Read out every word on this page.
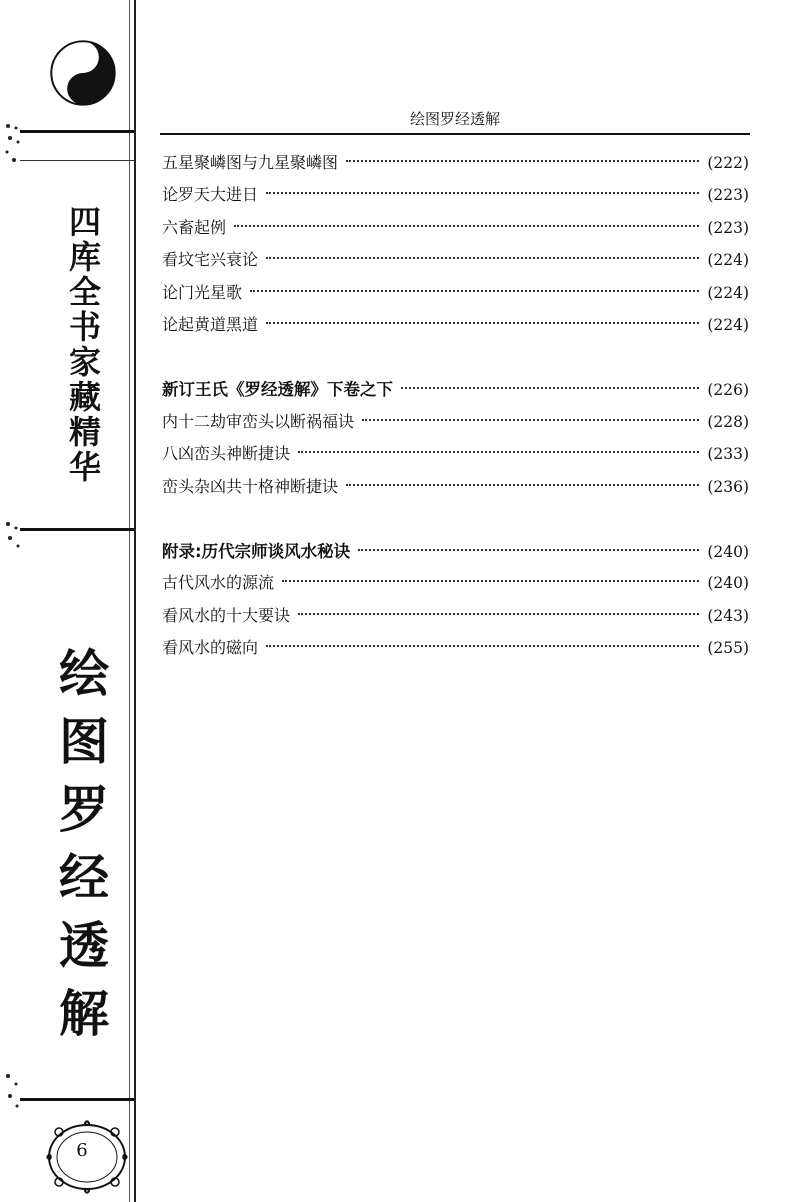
四库全书家藏精华
绘图罗经透解
6
绘图罗经透解
五星聚嶙图与九星聚嶙图	(222)
论罗天大进日	(223)
六畜起例	(223)
看坟宅兴衰论	(224)
论门光星歌	(224)
论起黄道黑道	(224)
新订王氏《罗经透解》下卷之下	(226)
内十二劫审峦头以断祸福诀	(228)
八凶峦头神断捷诀	(233)
峦头杂凶共十格神断捷诀	(236)
附录:历代宗师谈风水秘诀	(240)
古代风水的源流	(240)
看风水的十大要诀	(243)
看风水的磁向	(255)
